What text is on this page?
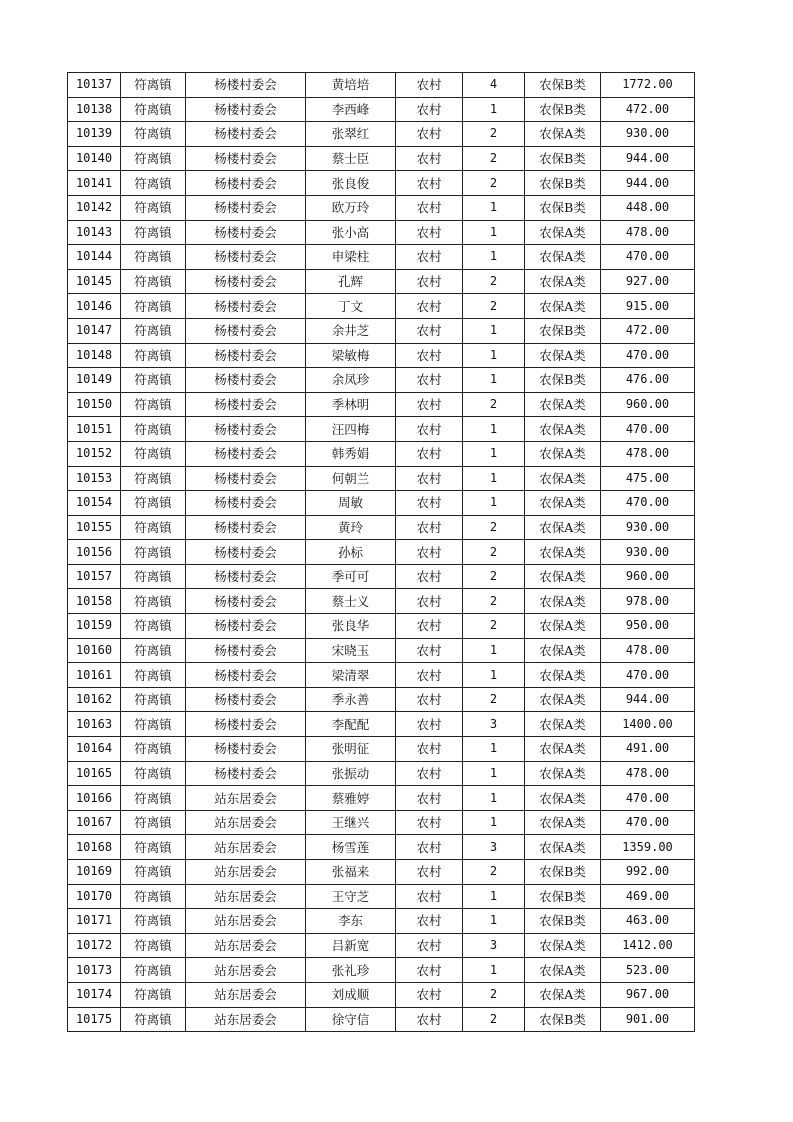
10137	符离镇	杨楼村委会	黄培培	农村	4	农保B类	1772.00
10138	符离镇	杨楼村委会	李西峰	农村	1	农保B类	472.00
10139	符离镇	杨楼村委会	张翠红	农村	2	农保A类	930.00
10140	符离镇	杨楼村委会	蔡士臣	农村	2	农保B类	944.00
10141	符离镇	杨楼村委会	张良俊	农村	2	农保B类	944.00
10142	符离镇	杨楼村委会	欧万玲	农村	1	农保B类	448.00
10143	符离镇	杨楼村委会	张小高	农村	1	农保A类	478.00
10144	符离镇	杨楼村委会	申梁柱	农村	1	农保A类	470.00
10145	符离镇	杨楼村委会	孔辉	农村	2	农保A类	927.00
10146	符离镇	杨楼村委会	丁文	农村	2	农保A类	915.00
10147	符离镇	杨楼村委会	余井芝	农村	1	农保B类	472.00
10148	符离镇	杨楼村委会	梁敏梅	农村	1	农保A类	470.00
10149	符离镇	杨楼村委会	余凤珍	农村	1	农保B类	476.00
10150	符离镇	杨楼村委会	季林明	农村	2	农保A类	960.00
10151	符离镇	杨楼村委会	汪四梅	农村	1	农保A类	470.00
10152	符离镇	杨楼村委会	韩秀娟	农村	1	农保A类	478.00
10153	符离镇	杨楼村委会	何朝兰	农村	1	农保A类	475.00
10154	符离镇	杨楼村委会	周敏	农村	1	农保A类	470.00
10155	符离镇	杨楼村委会	黄玲	农村	2	农保A类	930.00
10156	符离镇	杨楼村委会	孙标	农村	2	农保A类	930.00
10157	符离镇	杨楼村委会	季可可	农村	2	农保A类	960.00
10158	符离镇	杨楼村委会	蔡士义	农村	2	农保A类	978.00
10159	符离镇	杨楼村委会	张良华	农村	2	农保A类	950.00
10160	符离镇	杨楼村委会	宋晓玉	农村	1	农保A类	478.00
10161	符离镇	杨楼村委会	梁清翠	农村	1	农保A类	470.00
10162	符离镇	杨楼村委会	季永善	农村	2	农保A类	944.00
10163	符离镇	杨楼村委会	李配配	农村	3	农保A类	1400.00
10164	符离镇	杨楼村委会	张明征	农村	1	农保A类	491.00
10165	符离镇	杨楼村委会	张振动	农村	1	农保A类	478.00
10166	符离镇	站东居委会	蔡雅婷	农村	1	农保A类	470.00
10167	符离镇	站东居委会	王继兴	农村	1	农保A类	470.00
10168	符离镇	站东居委会	杨雪莲	农村	3	农保A类	1359.00
10169	符离镇	站东居委会	张福来	农村	2	农保B类	992.00
10170	符离镇	站东居委会	王守芝	农村	1	农保B类	469.00
10171	符离镇	站东居委会	李东	农村	1	农保B类	463.00
10172	符离镇	站东居委会	吕新宽	农村	3	农保A类	1412.00
10173	符离镇	站东居委会	张礼珍	农村	1	农保A类	523.00
10174	符离镇	站东居委会	刘成顺	农村	2	农保A类	967.00
10175	符离镇	站东居委会	徐守信	农村	2	农保B类	901.00
